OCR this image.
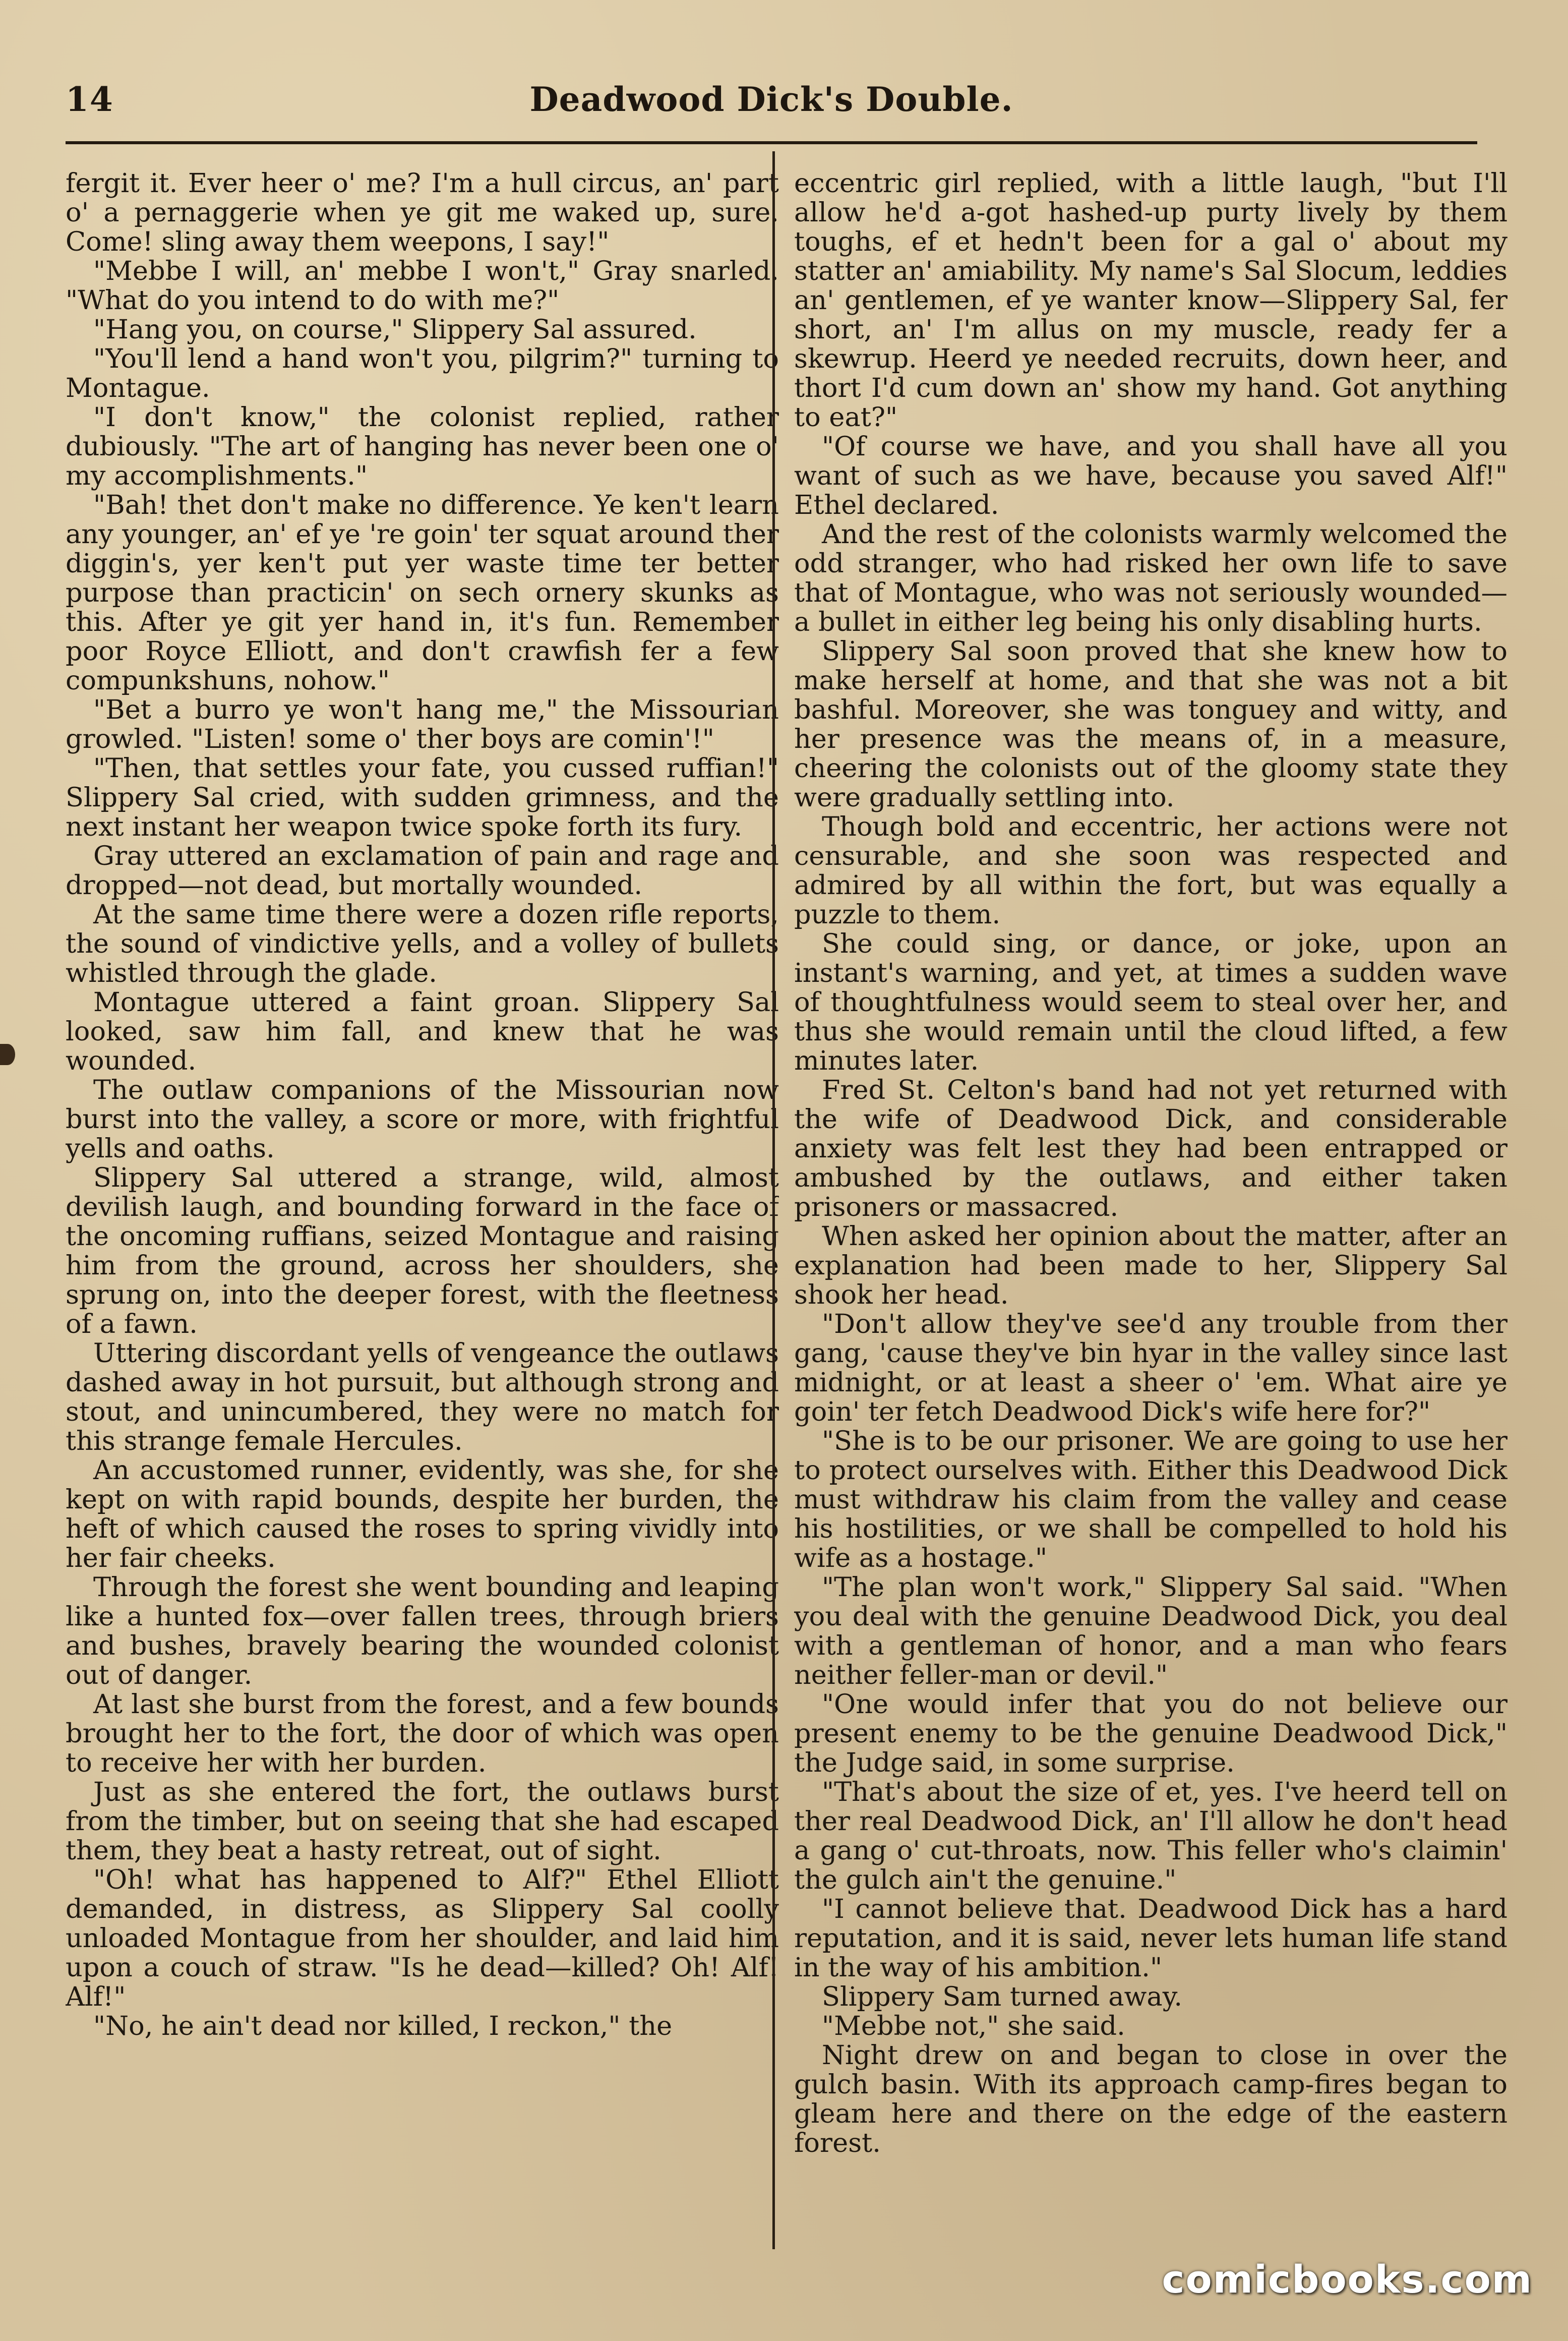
14	Deadwood Dick's Double.

fergit it. Ever heer o' me? I'm a hull circus, an' part o' a pernaggerie when ye git me waked up, sure. Come! sling away them weepons, I say!"

"Mebbe I will, an' mebbe I won't," Gray snarled. "What do you intend to do with me?"

"Hang you, on course," Slippery Sal assured.

"You'll lend a hand won't you, pilgrim?" turning to Montague.

"I don't know," the colonist replied, rather dubiously. "The art of hanging has never been one o' my accomplishments."

"Bah! thet don't make no difference. Ye ken't learn any younger, an' ef ye 're goin' ter squat around ther diggin's, yer ken't put yer waste time ter better purpose than practicin' on sech ornery skunks as this. After ye git yer hand in, it's fun. Remember poor Royce Elliott, and don't crawfish fer a few compunkshuns, nohow."

"Bet a burro ye won't hang me," the Missourian growled. "Listen! some o' ther boys are comin'!"

"Then, that settles your fate, you cussed ruffian!" Slippery Sal cried, with sudden grimness, and the next instant her weapon twice spoke forth its fury.

Gray uttered an exclamation of pain and rage and dropped—not dead, but mortally wounded.

At the same time there were a dozen rifle reports, the sound of vindictive yells, and a volley of bullets whistled through the glade.

Montague uttered a faint groan. Slippery Sal looked, saw him fall, and knew that he was wounded.

The outlaw companions of the Missourian now burst into the valley, a score or more, with frightful yells and oaths.

Slippery Sal uttered a strange, wild, almost devilish laugh, and bounding forward in the face of the oncoming ruffians, seized Montague and raising him from the ground, across her shoulders, she sprung on, into the deeper forest, with the fleetness of a fawn.

Uttering discordant yells of vengeance the outlaws dashed away in hot pursuit, but although strong and stout, and unincumbered, they were no match for this strange female Hercules.

An accustomed runner, evidently, was she, for she kept on with rapid bounds, despite her burden, the heft of which caused the roses to spring vividly into her fair cheeks.

Through the forest she went bounding and leaping like a hunted fox—over fallen trees, through briers and bushes, bravely bearing the wounded colonist out of danger.

At last she burst from the forest, and a few bounds brought her to the fort, the door of which was open to receive her with her burden.

Just as she entered the fort, the outlaws burst from the timber, but on seeing that she had escaped them, they beat a hasty retreat, out of sight.

"Oh! what has happened to Alf?" Ethel Elliott demanded, in distress, as Slippery Sal coolly unloaded Montague from her shoulder, and laid him upon a couch of straw. "Is he dead—killed? Oh! Alf! Alf!"

"No, he ain't dead nor killed, I reckon," the

eccentric girl replied, with a little laugh, "but I'll allow he'd a-got hashed-up purty lively by them toughs, ef et hedn't been for a gal o' about my statter an' amiability. My name's Sal Slocum, leddies an' gentlemen, ef ye wanter know—Slippery Sal, fer short, an' I'm allus on my muscle, ready fer a skewrup. Heerd ye needed recruits, down heer, and thort I'd cum down an' show my hand. Got anything to eat?"

"Of course we have, and you shall have all you want of such as we have, because you saved Alf!" Ethel declared.

And the rest of the colonists warmly welcomed the odd stranger, who had risked her own life to save that of Montague, who was not seriously wounded—a bullet in either leg being his only disabling hurts.

Slippery Sal soon proved that she knew how to make herself at home, and that she was not a bit bashful. Moreover, she was tonguey and witty, and her presence was the means of, in a measure, cheering the colonists out of the gloomy state they were gradually settling into.

Though bold and eccentric, her actions were not censurable, and she soon was respected and admired by all within the fort, but was equally a puzzle to them.

She could sing, or dance, or joke, upon an instant's warning, and yet, at times a sudden wave of thoughtfulness would seem to steal over her, and thus she would remain until the cloud lifted, a few minutes later.

Fred St. Celton's band had not yet returned with the wife of Deadwood Dick, and considerable anxiety was felt lest they had been entrapped or ambushed by the outlaws, and either taken prisoners or massacred.

When asked her opinion about the matter, after an explanation had been made to her, Slippery Sal shook her head.

"Don't allow they've see'd any trouble from ther gang, 'cause they've bin hyar in the valley since last midnight, or at least a sheer o' 'em. What aire ye goin' ter fetch Deadwood Dick's wife here for?"

"She is to be our prisoner. We are going to use her to protect ourselves with. Either this Deadwood Dick must withdraw his claim from the valley and cease his hostilities, or we shall be compelled to hold his wife as a hostage."

"The plan won't work," Slippery Sal said. "When you deal with the genuine Deadwood Dick, you deal with a gentleman of honor, and a man who fears neither feller-man or devil."

"One would infer that you do not believe our present enemy to be the genuine Deadwood Dick," the Judge said, in some surprise.

"That's about the size of et, yes. I've heerd tell on ther real Deadwood Dick, an' I'll allow he don't head a gang o' cut-throats, now. This feller who's claimin' the gulch ain't the genuine."

"I cannot believe that. Deadwood Dick has a hard reputation, and it is said, never lets human life stand in the way of his ambition."

Slippery Sam turned away.

"Mebbe not," she said.

Night drew on and began to close in over the gulch basin. With its approach camp-fires began to gleam here and there on the edge of the eastern forest.

comicbooks.com
